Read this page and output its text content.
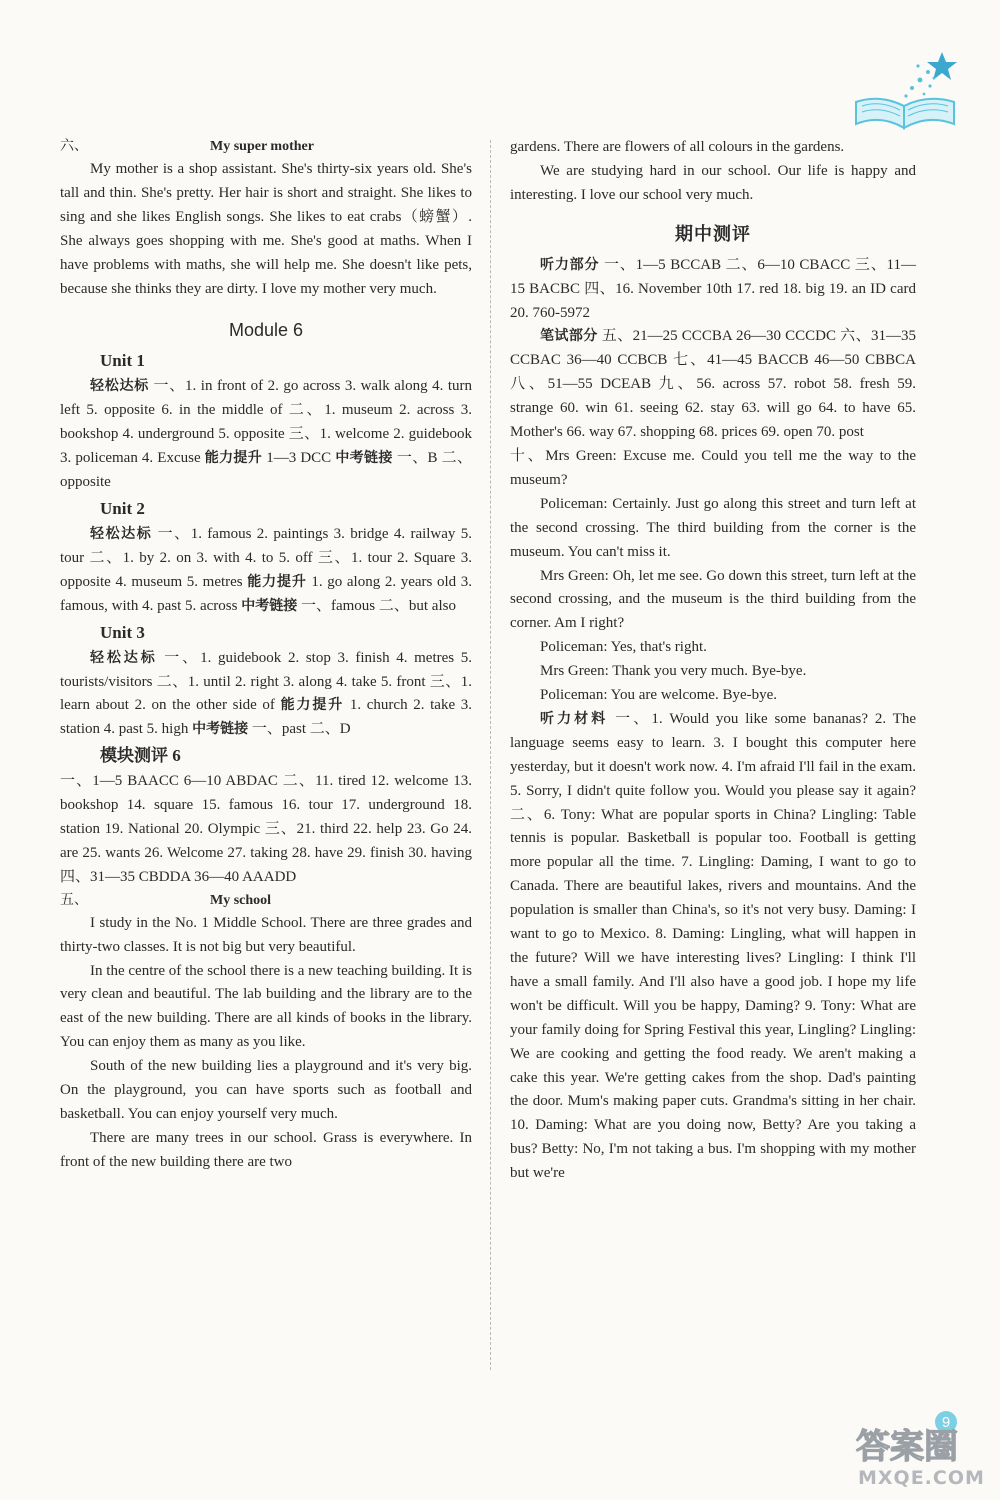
六、	My super mother

My mother is a shop assistant. She's thirty-six years old. She's tall and thin. She's pretty. Her hair is short and straight. She likes to sing and she likes English songs. She likes to eat crabs（螃蟹）. She always goes shopping with me. She's good at maths. When I have problems with maths, she will help me. She doesn't like pets, because she thinks they are dirty. I love my mother very much.

Module 6
Unit 1

轻松达标 一、1. in front of 2. go across 3. walk along 4. turn left 5. opposite 6. in the middle of 二、1. museum 2. across 3. bookshop 4. underground 5. opposite 三、1. welcome 2. guidebook 3. policeman 4. Excuse 能力提升 1—3 DCC 中考链接 一、B 二、opposite

Unit 2

轻松达标 一、1. famous 2. paintings 3. bridge 4. railway 5. tour 二、1. by 2. on 3. with 4. to 5. off 三、1. tour 2. Square 3. opposite 4. museum 5. metres 能力提升 1. go along 2. years old 3. famous, with 4. past 5. across 中考链接 一、famous 二、but also

Unit 3

轻松达标 一、1. guidebook 2. stop 3. finish 4. metres 5. tourists/visitors 二、1. until 2. right 3. along 4. take 5. front 三、1. learn about 2. on the other side of 能力提升 1. church 2. take 3. station 4. past 5. high 中考链接 一、past 二、D

模块测评 6

一、1—5 BAACC 6—10 ABDAC 二、11. tired 12. welcome 13. bookshop 14. square 15. famous 16. tour 17. underground 18. station 19. National 20. Olympic 三、21. third 22. help 23. Go 24. are 25. wants 26. Welcome 27. taking 28. have 29. finish 30. having 四、31—35 CBDDA 36—40 AAADD

五、	My school

I study in the No. 1 Middle School. There are three grades and thirty-two classes. It is not big but very beautiful.

In the centre of the school there is a new teaching building. It is very clean and beautiful. The lab building and the library are to the east of the new building. There are all kinds of books in the library. You can enjoy them as many as you like.

South of the new building lies a playground and it's very big. On the playground, you can have sports such as football and basketball. You can enjoy yourself very much.

There are many trees in our school. Grass is everywhere. In front of the new building there are two

gardens. There are flowers of all colours in the gardens.

We are studying hard in our school. Our life is happy and interesting. I love our school very much.

期中测评

听力部分 一、1—5 BCCAB 二、6—10 CBACC 三、11—15 BACBC 四、16. November 10th 17. red 18. big 19. an ID card 20. 760-5972

笔试部分 五、21—25 CCCBA 26—30 CCCDC 六、31—35 CCBAC 36—40 CCBCB 七、41—45 BACCB 46—50 CBBCA 八、51—55 DCEAB 九、56. across 57. robot 58. fresh 59. strange 60. win 61. seeing 62. stay 63. will go 64. to have 65. Mother's 66. way 67. shopping 68. prices 69. open 70. post

十、Mrs Green: Excuse me. Could you tell me the way to the museum?

Policeman: Certainly. Just go along this street and turn left at the second crossing. The third building from the corner is the museum. You can't miss it.

Mrs Green: Oh, let me see. Go down this street, turn left at the second crossing, and the museum is the third building from the corner. Am I right?

Policeman: Yes, that's right.

Mrs Green: Thank you very much. Bye-bye.

Policeman: You are welcome. Bye-bye.

听力材料 一、1. Would you like some bananas? 2. The language seems easy to learn. 3. I bought this computer here yesterday, but it doesn't work now. 4. I'm afraid I'll fail in the exam. 5. Sorry, I didn't quite follow you. Would you please say it again? 二、6. Tony: What are popular sports in China? Lingling: Table tennis is popular. Basketball is popular too. Football is getting more popular all the time. 7. Lingling: Daming, I want to go to Canada. There are beautiful lakes, rivers and mountains. And the population is smaller than China's, so it's not very busy. Daming: I want to go to Mexico. 8. Daming: Lingling, what will happen in the future? Will we have interesting lives? Lingling: I think I'll have a small family. And I'll also have a good job. I hope my life won't be difficult. Will you be happy, Daming? 9. Tony: What are your family doing for Spring Festival this year, Lingling? Lingling: We are cooking and getting the food ready. We aren't making a cake this year. We're getting cakes from the shop. Dad's painting the door. Mum's making paper cuts. Grandma's sitting in her chair. 10. Daming: What are you doing now, Betty? Are you taking a bus? Betty: No, I'm not taking a bus. I'm shopping with my mother but we're

9
答案圈
MXQE.COM
